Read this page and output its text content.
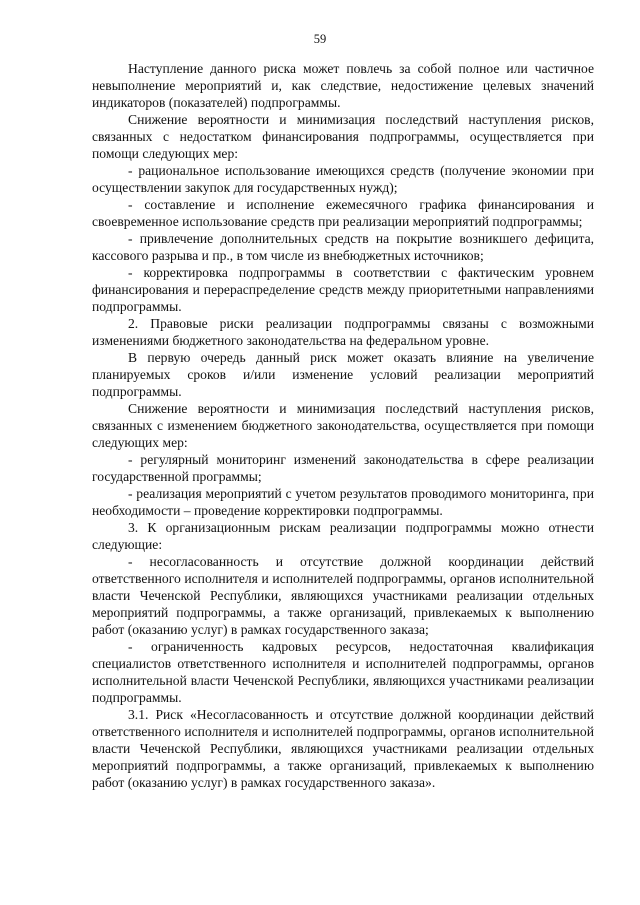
59

Наступление данного риска может повлечь за собой полное или частичное невыполнение мероприятий и, как следствие, недостижение целевых значений индикаторов (показателей) подпрограммы.

Снижение вероятности и минимизация последствий наступления рисков, связанных с недостатком финансирования подпрограммы, осуществляется при помощи следующих мер:

- рациональное использование имеющихся средств (получение экономии при осуществлении закупок для государственных нужд);

- составление и исполнение ежемесячного графика финансирования и своевременное использование средств при реализации мероприятий подпрограммы;

- привлечение дополнительных средств на покрытие возникшего дефицита, кассового разрыва и пр., в том числе из внебюджетных источников;

- корректировка подпрограммы в соответствии с фактическим уровнем финансирования и перераспределение средств между приоритетными направлениями подпрограммы.

2. Правовые риски реализации подпрограммы связаны с возможными изменениями бюджетного законодательства на федеральном уровне.

В первую очередь данный риск может оказать влияние на увеличение планируемых сроков и/или изменение условий реализации мероприятий подпрограммы.

Снижение вероятности и минимизация последствий наступления рисков, связанных с изменением бюджетного законодательства, осуществляется при помощи следующих мер:

- регулярный мониторинг изменений законодательства в сфере реализации государственной программы;

- реализация мероприятий с учетом результатов проводимого мониторинга, при необходимости – проведение корректировки подпрограммы.

3. К организационным рискам реализации подпрограммы можно отнести следующие:

- несогласованность и отсутствие должной координации действий ответственного исполнителя и исполнителей подпрограммы, органов исполнительной власти Чеченской Республики, являющихся участниками реализации отдельных мероприятий подпрограммы, а также организаций, привлекаемых к выполнению работ (оказанию услуг) в рамках государственного заказа;

- ограниченность кадровых ресурсов, недостаточная квалификация специалистов ответственного исполнителя и исполнителей подпрограммы, органов исполнительной власти Чеченской Республики, являющихся участниками реализации подпрограммы.

3.1. Риск «Несогласованность и отсутствие должной координации действий ответственного исполнителя и исполнителей подпрограммы, органов исполнительной власти Чеченской Республики, являющихся участниками реализации отдельных мероприятий подпрограммы, а также организаций, привлекаемых к выполнению работ (оказанию услуг) в рамках государственного заказа».
